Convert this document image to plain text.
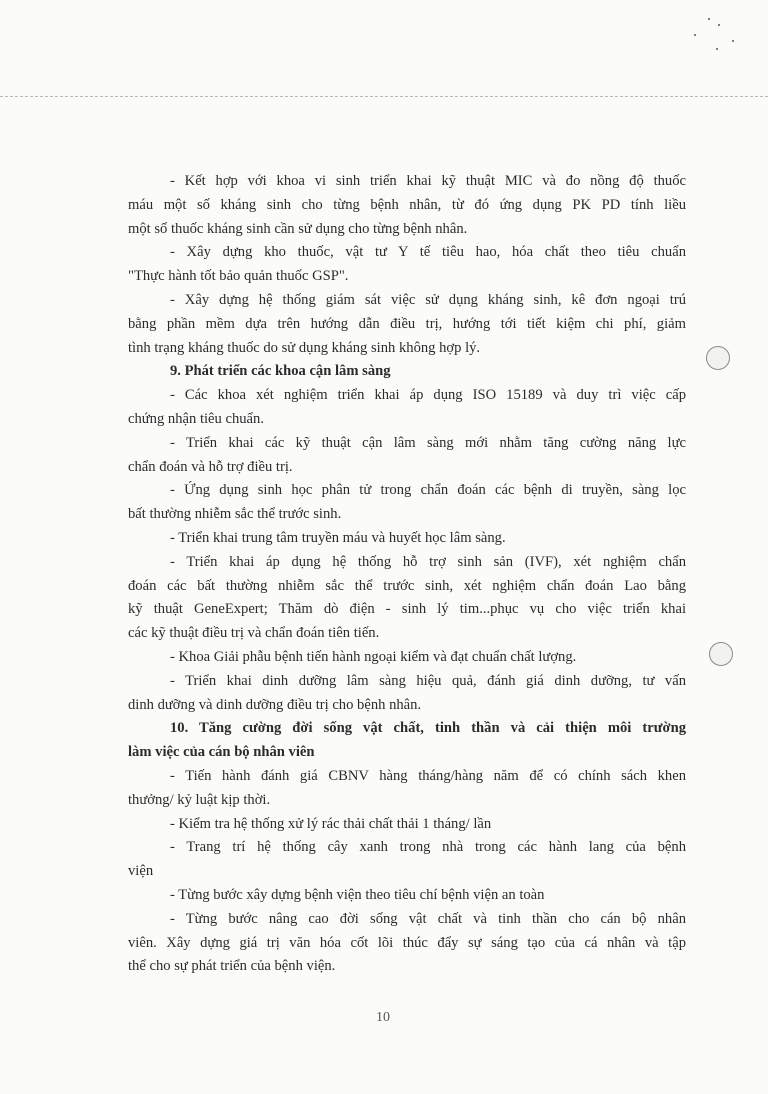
- Kết hợp với khoa vi sinh triển khai kỹ thuật MIC và đo nồng độ thuốc
máu một số kháng sinh cho từng bệnh nhân, từ đó ứng dụng PK PD tính liều
một số thuốc kháng sinh cần sử dụng cho từng bệnh nhân.
- Xây dựng kho thuốc, vật tư Y tế tiêu hao, hóa chất theo tiêu chuẩn
"Thực hành tốt bảo quản thuốc GSP".
- Xây dựng hệ thống giám sát việc sử dụng kháng sinh, kê đơn ngoại trú
bằng phần mềm dựa trên hướng dẫn điều trị, hướng tới tiết kiệm chi phí, giảm
tình trạng kháng thuốc do sử dụng kháng sinh không hợp lý.
9. Phát triển các khoa cận lâm sàng
- Các khoa xét nghiệm triển khai áp dụng ISO 15189 và duy trì việc cấp
chứng nhận tiêu chuẩn.
- Triển khai các kỹ thuật cận lâm sàng mới nhằm tăng cường năng lực
chẩn đoán và hỗ trợ điều trị.
- Ứng dụng sinh học phân tử trong chẩn đoán các bệnh di truyền, sàng lọc
bất thường nhiễm sắc thể trước sinh.
- Triển khai trung tâm truyền máu và huyết học lâm sàng.
- Triển khai áp dụng hệ thống hỗ trợ sinh sản (IVF), xét nghiệm chẩn
đoán các bất thường nhiễm sắc thể trước sinh, xét nghiệm chẩn đoán Lao bằng
kỹ thuật GeneExpert; Thăm dò điện - sinh lý tim...phục vụ cho việc triển khai
các kỹ thuật điều trị và chẩn đoán tiên tiến.
- Khoa Giải phẫu bệnh tiến hành ngoại kiểm và đạt chuẩn chất lượng.
- Triển khai dinh dưỡng lâm sàng hiệu quả, đánh giá dinh dưỡng, tư vấn
dinh dưỡng và dinh dưỡng điều trị cho bệnh nhân.
10. Tăng cường đời sống vật chất, tinh thần và cải thiện môi trường
làm việc của cán bộ nhân viên
- Tiến hành đánh giá CBNV hàng tháng/hàng năm để có chính sách khen
thưởng/ kỷ luật kịp thời.
- Kiểm tra hệ thống xử lý rác thải chất thải 1 tháng/ lần
- Trang trí hệ thống cây xanh trong nhà trong các hành lang của bệnh
viện
- Từng bước xây dựng bệnh viện theo tiêu chí bệnh viện an toàn
- Từng bước nâng cao đời sống vật chất và tinh thần cho cán bộ nhân
viên. Xây dựng giá trị văn hóa cốt lõi thúc đẩy sự sáng tạo của cá nhân và tập
thể cho sự phát triển của bệnh viện.
10
